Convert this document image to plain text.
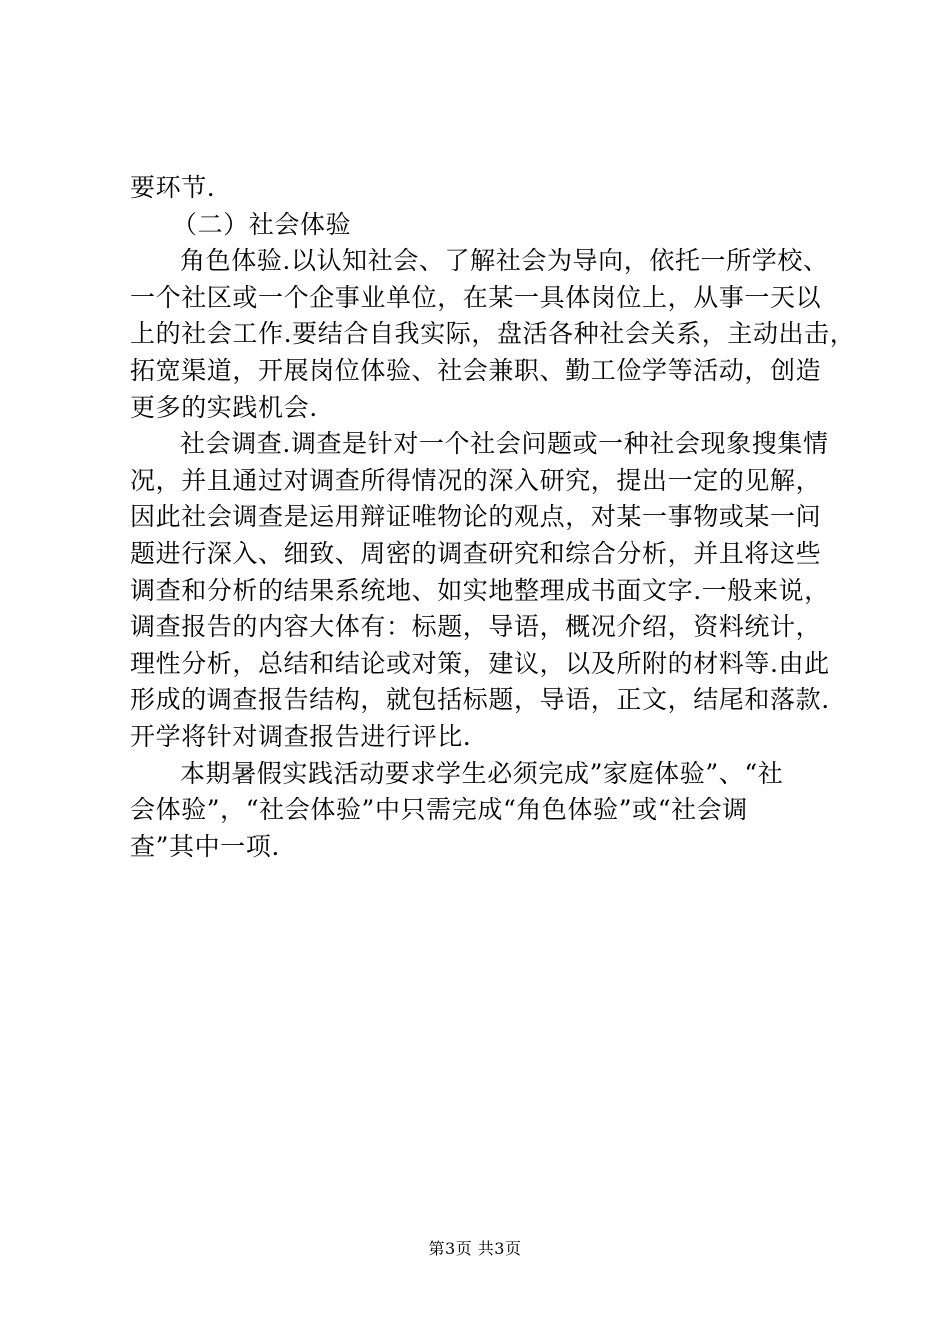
要环节.
（二）社会体验
角色体验.以认知社会、了解社会为导向，依托一所学校、
一个社区或一个企事业单位，在某一具体岗位上，从事一天以
上的社会工作.要结合自我实际，盘活各种社会关系，主动出击，
拓宽渠道，开展岗位体验、社会兼职、勤工俭学等活动，创造
更多的实践机会.
社会调查.调查是针对一个社会问题或一种社会现象搜集情
况，并且通过对调查所得情况的深入研究，提出一定的见解，
因此社会调查是运用辩证唯物论的观点，对某一事物或某一问
题进行深入、细致、周密的调查研究和综合分析，并且将这些
调查和分析的结果系统地、如实地整理成书面文字.一般来说，
调查报告的内容大体有：标题，导语，概况介绍，资料统计，
理性分析，总结和结论或对策，建议，以及所附的材料等.由此
形成的调查报告结构，就包括标题，导语，正文，结尾和落款.
开学将针对调查报告进行评比.
本期暑假实践活动要求学生必须完成”家庭体验”、“社
会体验”，“社会体验”中只需完成“角色体验”或“社会调
查”其中一项.
第3页 共3页
